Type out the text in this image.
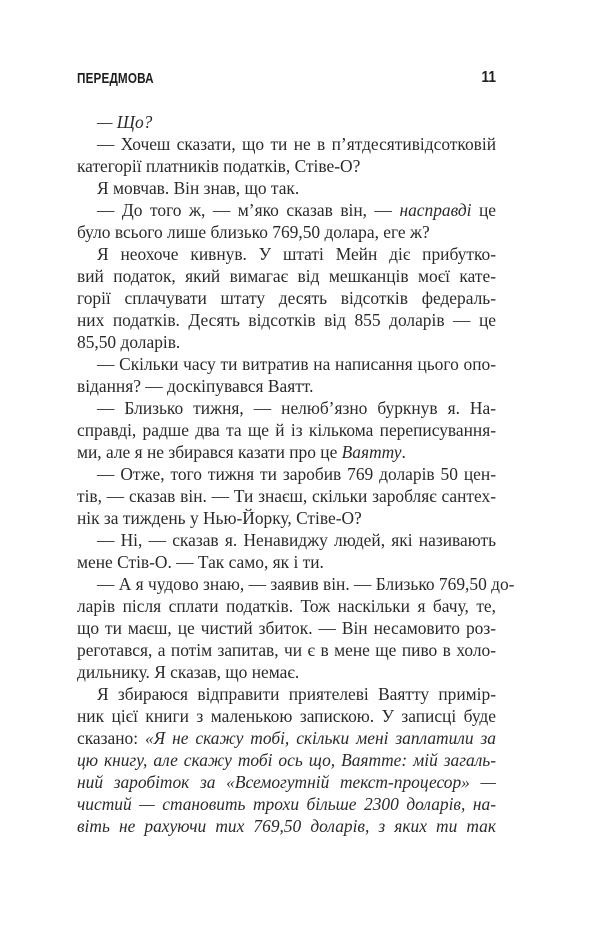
ПЕРЕДМОВА	11
— Що?
— Хочеш сказати, що ти не в п’ятдесятивідсотковій
категорії платників податків, Стіве-О?
Я мовчав. Він знав, що так.
— До того ж, — м’яко сказав він, — насправді це
було всього лише близько 769,50 долара, еге ж?
Я неохоче кивнув. У штаті Мейн діє прибутко-
вий податок, який вимагає від мешканців моєї кате-
горії сплачувати штату десять відсотків федераль-
них податків. Десять відсотків від 855 доларів — це
85,50 доларів.
— Скільки часу ти витратив на написання цього опо-
відання? — доскіпувався Ваятт.
— Близько тижня, — нелюб’язно буркнув я. На-
справді, радше два та ще й із кількома переписування-
ми, але я не збирався казати про це Ваятту.
— Отже, того тижня ти заробив 769 доларів 50 цен-
тів, — сказав він. — Ти знаєш, скільки заробляє сантех-
нік за тиждень у Нью-Йорку, Стіве-О?
— Ні, — сказав я. Ненавиджу людей, які називають
мене Стів-О. — Так само, як і ти.
— А я чудово знаю, — заявив він. — Близько 769,50 до-
ларів після сплати податків. Тож наскільки я бачу, те,
що ти маєш, це чистий збиток. — Він несамовито роз-
реготався, а потім запитав, чи є в мене ще пиво в холо-
дильнику. Я сказав, що немає.
Я збираюся відправити приятелеві Ваятту примір-
ник цієї книги з маленькою запискою. У записці буде
сказано: «Я не скажу тобі, скільки мені заплатили за
цю книгу, але скажу тобі ось що, Ваятте: мій загаль-
ний заробіток за «Всемогутній текст-процесор» —
чистий — становить трохи більше 2300 доларів, на-
віть не рахуючи тих 769,50 доларів, з яких ти так
